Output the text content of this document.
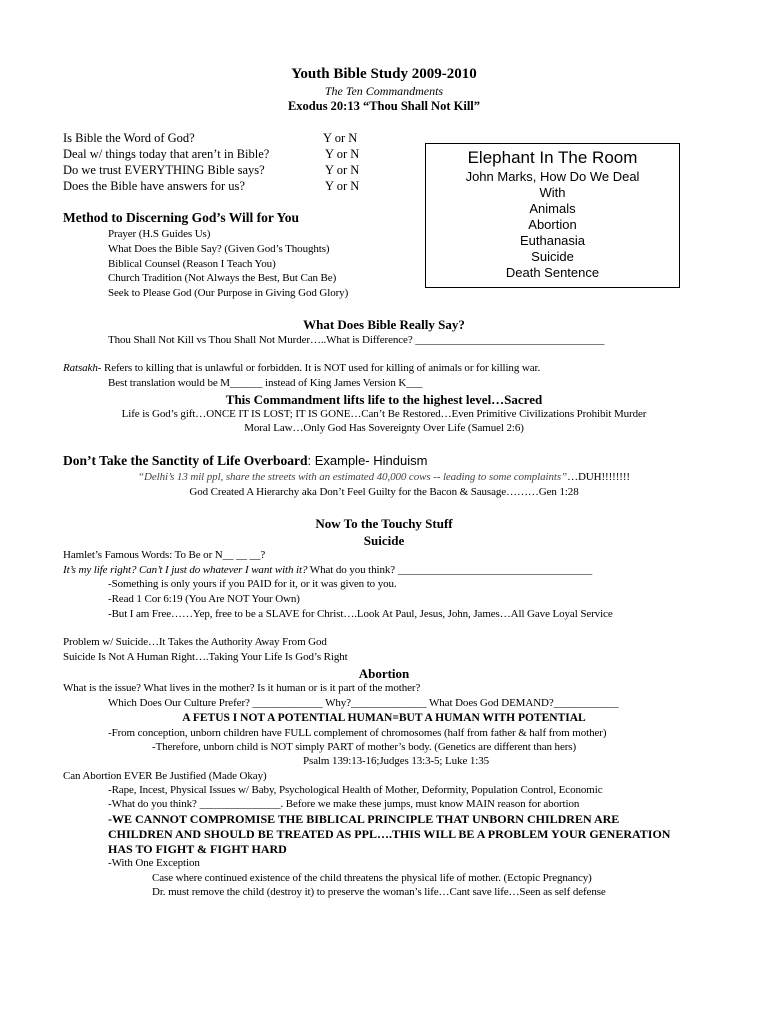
Youth Bible Study 2009-2010
The Ten Commandments
Exodus 20:13 “Thou Shall Not Kill”
Is Bible the Word of God?	Y or N
Deal w/ things today that aren’t in Bible?	Y or N
Do we trust EVERYTHING Bible says?	Y or N
Does the Bible have answers for us?	Y or N
Elephant In The Room
John Marks, How Do We Deal
With
Animals
Abortion
Euthanasia
Suicide
Death Sentence
Method to Discerning God’s Will for You
Prayer (H.S Guides Us)
What Does the Bible Say? (Given God’s Thoughts)
Biblical Counsel (Reason I Teach You)
Church Tradition (Not Always the Best, But Can Be)
Seek to Please God (Our Purpose in Giving God Glory)
What Does Bible Really Say?
Thou Shall Not Kill vs Thou Shall Not Murder…..What is Difference? ___________________________________
Ratsakh- Refers to killing that is unlawful or forbidden. It is NOT used for killing of animals or for killing war.
Best translation would be M______ instead of King James Version K___
This Commandment lifts life to the highest level…Sacred
Life is God’s gift…ONCE IT IS LOST; IT IS GONE…Can’t Be Restored…Even Primitive Civilizations Prohibit Murder
Moral Law…Only God Has Sovereignty Over Life (Samuel 2:6)
Don’t Take the Sanctity of Life Overboard: Example- Hinduism
“Delhi’s 13 mil ppl, share the streets with an estimated 40,000 cows -- leading to some complaints”…DUH!!!!!!!!
God Created A Hierarchy aka Don’t Feel Guilty for the Bacon & Sausage………Gen 1:28
Now To the Touchy Stuff
Suicide
Hamlet’s Famous Words: To Be or N__ __ __?
It’s my life right? Can’t I just do whatever I want with it? What do you think? ____________________________________
-Something is only yours if you PAID for it, or it was given to you.
-Read 1 Cor 6:19 (You Are NOT Your Own)
-But I am Free……Yep, free to be a SLAVE for Christ….Look At Paul, Jesus, John, James…All Gave Loyal Service
Problem w/ Suicide…It Takes the Authority Away From God
Suicide Is Not A Human Right….Taking Your Life Is God’s Right
Abortion
What is the issue? What lives in the mother? Is it human or is it part of the mother?
Which Does Our Culture Prefer? _____________ Why?______________ What Does God DEMAND?____________
A FETUS I NOT A POTENTIAL HUMAN=BUT A HUMAN WITH POTENTIAL
-From conception, unborn children have FULL complement of chromosomes (half from father & half from mother)
-Therefore, unborn child is NOT simply PART of mother’s body. (Genetics are different than hers)
Psalm 139:13-16;Judges 13:3-5; Luke 1:35
Can Abortion EVER Be Justified (Made Okay)
-Rape, Incest, Physical Issues w/ Baby, Psychological Health of Mother, Deformity, Population Control, Economic
-What do you think? _______________. Before we make these jumps, must know MAIN reason for abortion
-WE CANNOT COMPROMISE THE BIBLICAL PRINCIPLE THAT UNBORN CHILDREN ARE
CHILDREN AND SHOULD BE TREATED AS PPL….THIS WILL BE A PROBLEM YOUR GENERATION
HAS TO FIGHT & FIGHT HARD
-With One Exception
Case where continued existence of the child threatens the physical life of mother. (Ectopic Pregnancy)
Dr. must remove the child (destroy it) to preserve the woman’s life…Cant save life…Seen as self defense
